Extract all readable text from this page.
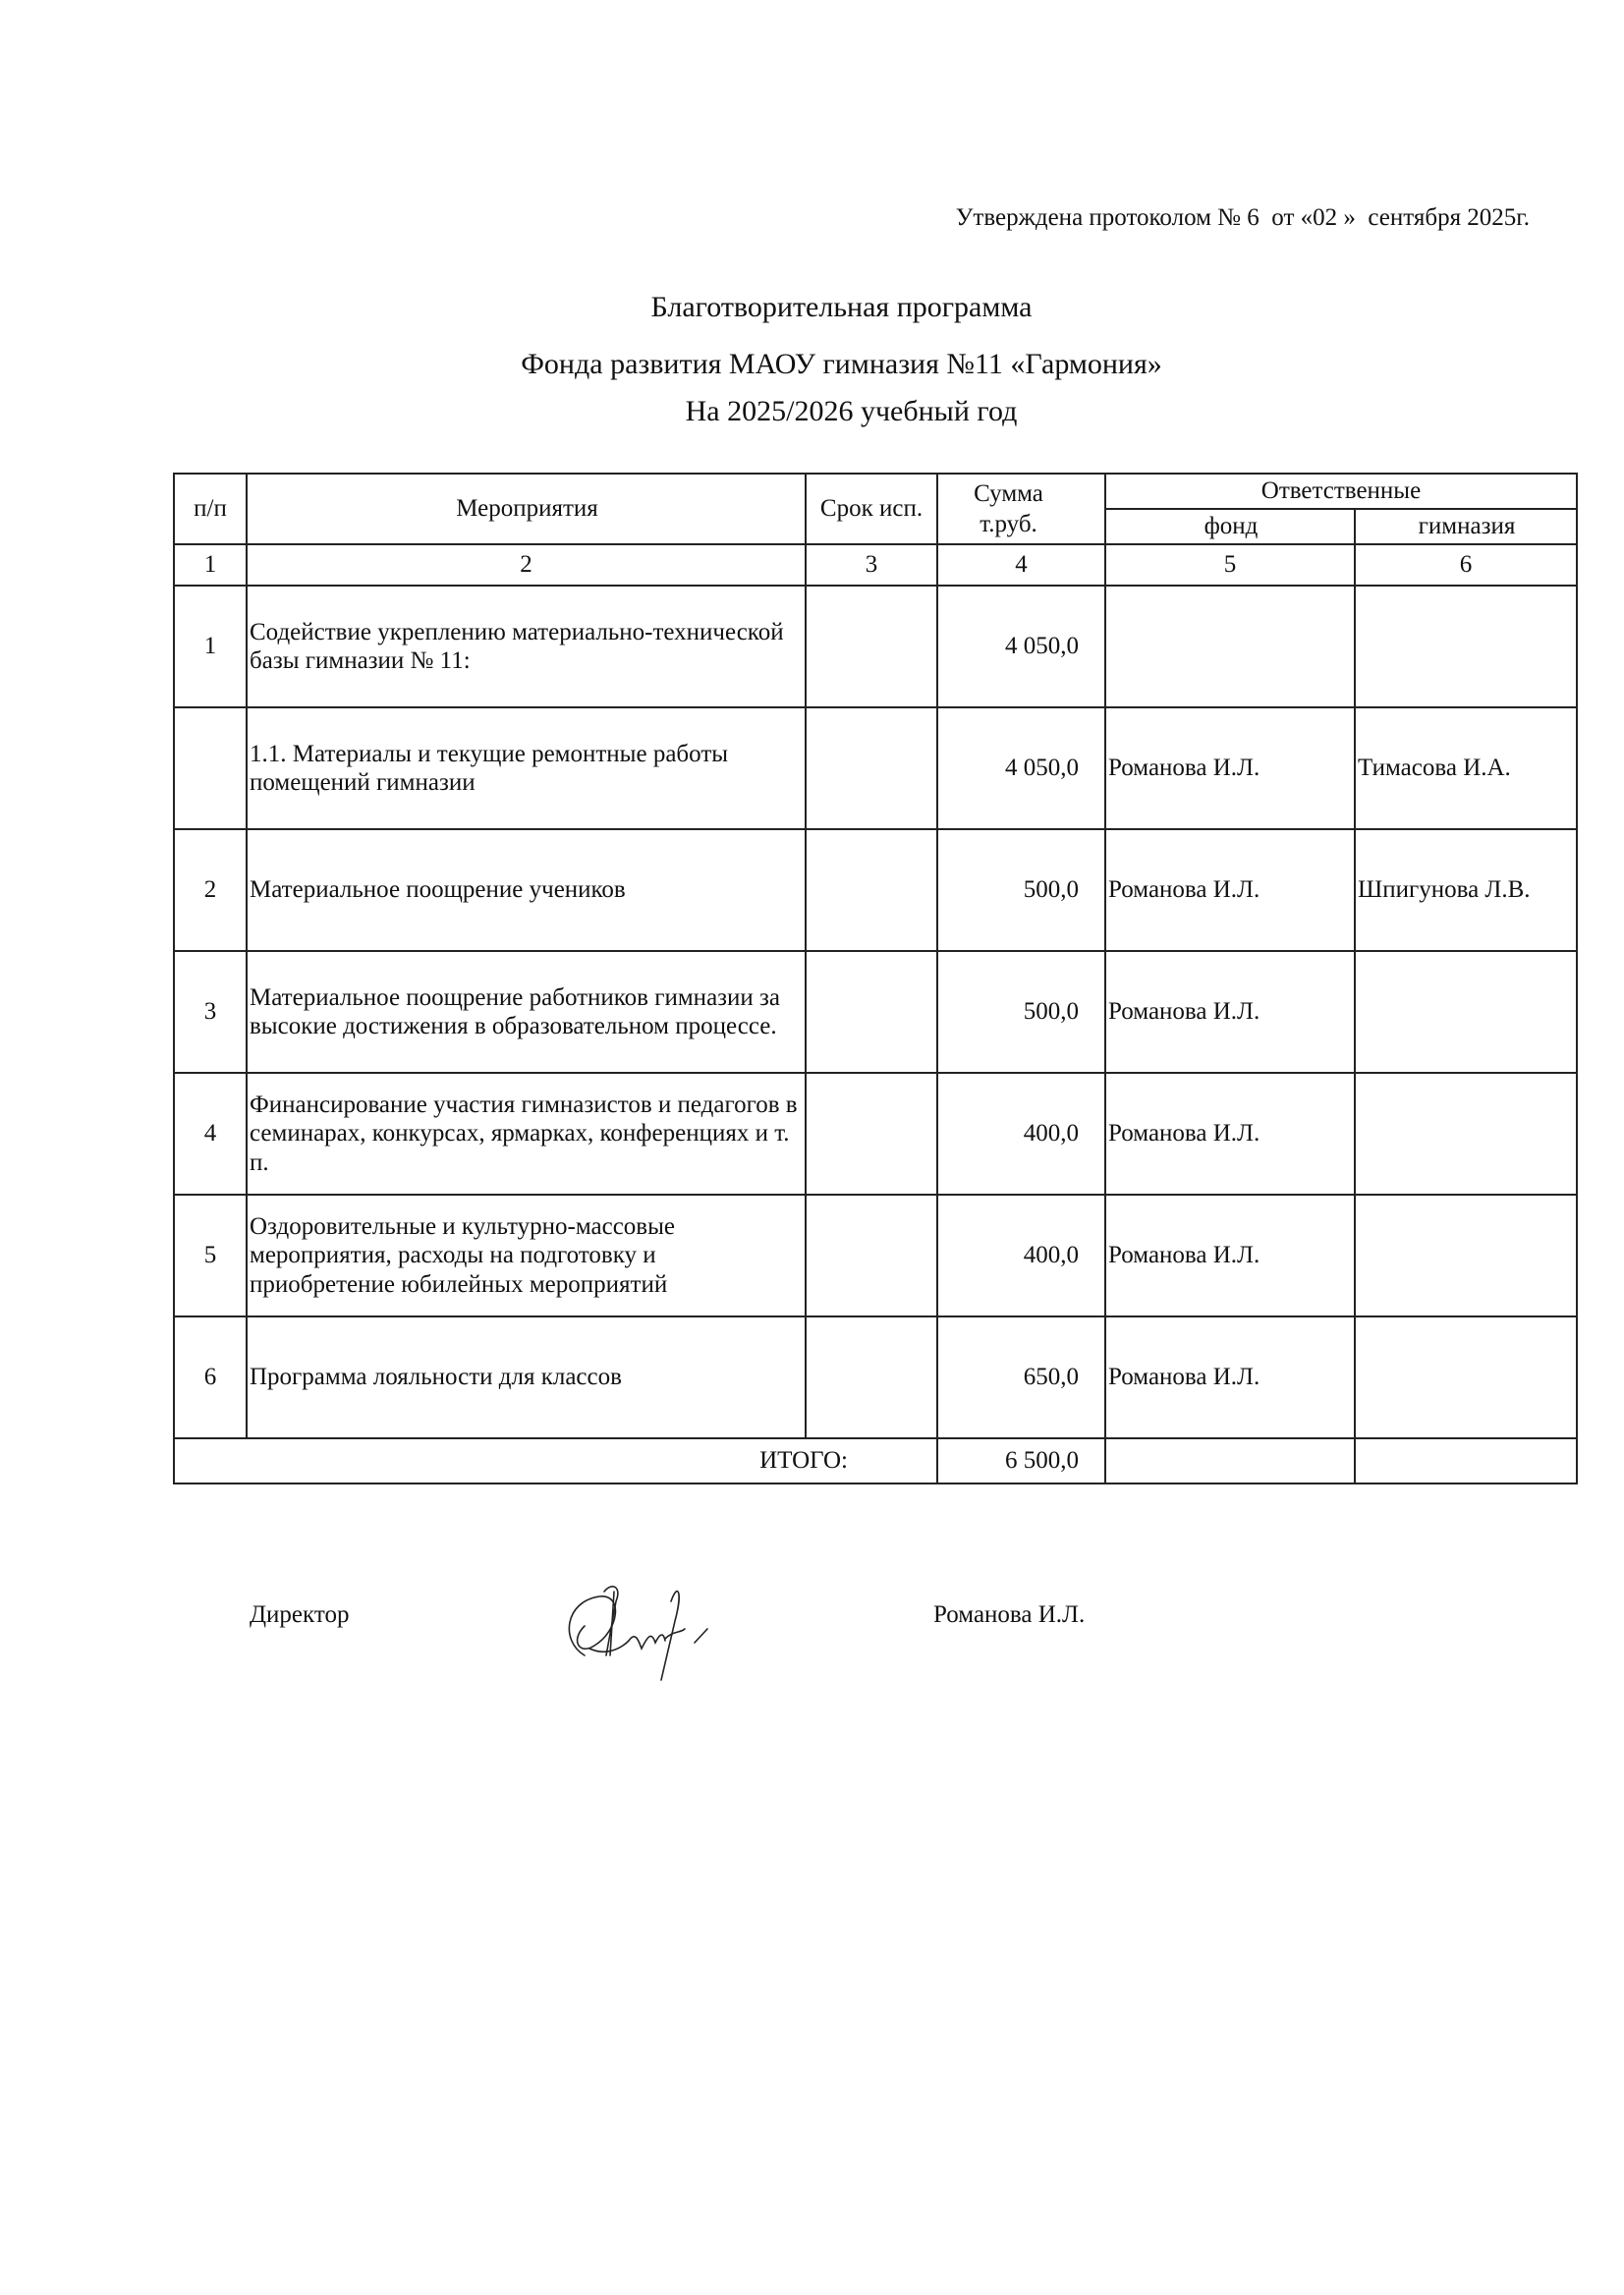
Утверждена протоколом № 6  от «02 »  сентября 2025г.
Благотворительная программа
Фонда развития МАОУ гимназия №11 «Гармония»
На 2025/2026 учебный год
п/п	Мероприятия	Срок исп.	Сумма т.руб.	Ответственные	
				фонд	гимназия
1	2	3	4	5	6
1	Содействие укреплению материально-технической базы гимназии № 11:		4 050,0		
	1.1. Материалы и текущие ремонтные работы помещений гимназии		4 050,0	Романова И.Л.	Тимасова И.А.
2	Материальное поощрение учеников		500,0	Романова И.Л.	Шпигунова Л.В.
3	Материальное поощрение работников гимназии за высокие достижения в образовательном процессе.		500,0	Романова И.Л.	
4	Финансирование участия гимназистов и педагогов в семинарах, конкурсах, ярмарках, конференциях и т. п.		400,0	Романова И.Л.	
5	Оздоровительные и культурно-массовые мероприятия, расходы на подготовку и приобретение юбилейных мероприятий		400,0	Романова И.Л.	
6	Программа лояльности для классов		650,0	Романова И.Л.	
ИТОГО:			6 500,0		
Директор	Романова И.Л.
